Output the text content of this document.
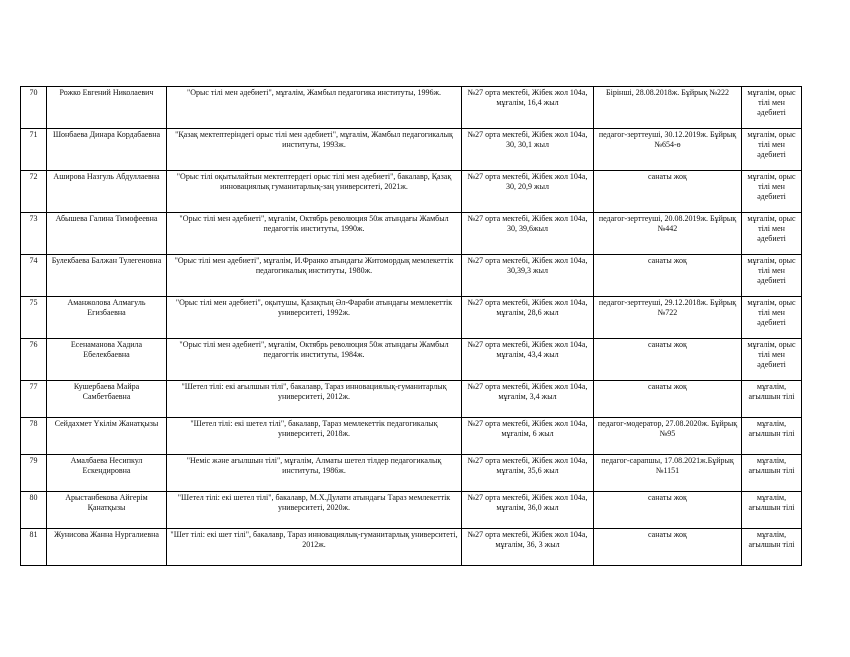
70	Рожко Евгений Николаевич	"Орыс тілі мен әдебиеті", мұғалім, Жамбыл педагогика институты, 1996ж.	№27 орта мектебі, Жібек жол 104а, мұғалім, 16,4 жыл	Бірінші, 28.08.2018ж. Бұйрық №222	мұғалім, орыс тілі мен әдебиеті
71	Шонбаева Динара Кордабаевна	"Қазақ мектептеріндегі орыс тілі мен әдебиеті", мұғалім, Жамбыл педагогикалық институты, 1993ж.	№27 орта мектебі, Жібек жол 104а, 30, 30,1 жыл	педагог-зерттеуші, 30.12.2019ж. Бұйрық №654-ө	мұғалім, орыс тілі мен әдебиеті
72	Аширова Назгуль Абдуллаевна	"Орыс тілі оқытылайтын мектептердегі орыс тілі мен әдебиеті", бакалавр, Қазақ инновациялық гуманитарлық-заң университеті, 2021ж.	№27 орта мектебі, Жібек жол 104а, 30, 20,9 жыл	санаты жоқ	мұғалім, орыс тілі мен әдебиеті
73	Абышева Галина Тимофеевна	"Орыс тілі мен әдебиеті", мұғалім, Октябрь революция 50ж атындағы Жамбыл педагогтік институты, 1990ж.	№27 орта мектебі, Жібек жол 104а, 30, 39,6жыл	педагог-зерттеуші, 20.08.2019ж. Бұйрық №442	мұғалім, орыс тілі мен әдебиеті
74	Булекбаева Балжан Тулегеновна	"Орыс тілі мен әдебиеті", мұғалім, И.Франко атындағы Житомордық мемлекеттік педагогикалық институты, 1980ж.	№27 орта мектебі, Жібек жол 104а, 30,39,3 жыл	санаты жоқ	мұғалім, орыс тілі мен әдебиеті
75	Аманжолова Алмагуль Егизбаевна	"Орыс тілі мен әдебиеті", оқытушы, Қазақтың Әл-Фараби атындағы мемлекеттік университеті, 1992ж.	№27 орта мектебі, Жібек жол 104а, мұғалім, 28,6 жыл	педагог-зерттеуші, 29.12.2018ж. Бұйрық №722	мұғалім, орыс тілі мен әдебиеті
76	Есенаманова Хадила Ебелекбаевна	"Орыс тілі мен әдебиеті", мұғалім, Октябрь революция 50ж атындағы Жамбыл педагогтік институты, 1984ж.	№27 орта мектебі, Жібек жол 104а, мұғалім, 43,4 жыл	санаты жоқ	мұғалім, орыс тілі мен әдебиеті
77	Кушербаева Майра Самбетбаевна	"Шетел тілі: екі ағылшын тілі", бакалавр, Тараз инновациялық-гуманитарлық университеті, 2012ж.	№27 орта мектебі, Жібек жол 104а, мұғалім, 3,4 жыл	санаты жоқ	мұғалім, ағылшын тілі
78	Сейдахмет Үкілім Жанатқызы	"Шетел тілі: екі шетел тілі", бакалавр, Тараз мемлекеттік педагогикалық университеті, 2018ж.	№27 орта мектебі, Жібек жол 104а, мұғалім, 6 жыл	педагог-модератор, 27.08.2020ж. Бұйрық №95	мұғалім, ағылшын тілі
79	Амалбаева Несипкул Ескендировна	"Неміс және ағылшын тілі", мұғалім, Алматы шетел тілдер педагогикалық институты, 1986ж.	№27 орта мектебі, Жібек жол 104а, мұғалім, 35,6 жыл	педагог-сарапшы, 17.08.2021ж.Бұйрық №1151	мұғалім, ағылшын тілі
80	Арыстанбекова Айгерім Қанатқызы	"Шетел тілі: екі шетел тілі", бакалавр, М.Х.Дулати атындағы Тараз мемлекеттік университеті, 2020ж.	№27 орта мектебі, Жібек жол 104а, мұғалім, 36,0 жыл	санаты жоқ	мұғалім, ағылшын тілі
81	Жунисова Жанна Нургалиевна	"Шет тілі: екі шет тілі", бакалавр, Тараз инновациялық-гуманитарлық университеті, 2012ж.	№27 орта мектебі, Жібек жол 104а, мұғалім, 36, 3 жыл	санаты жоқ	мұғалім, ағылшын тілі
